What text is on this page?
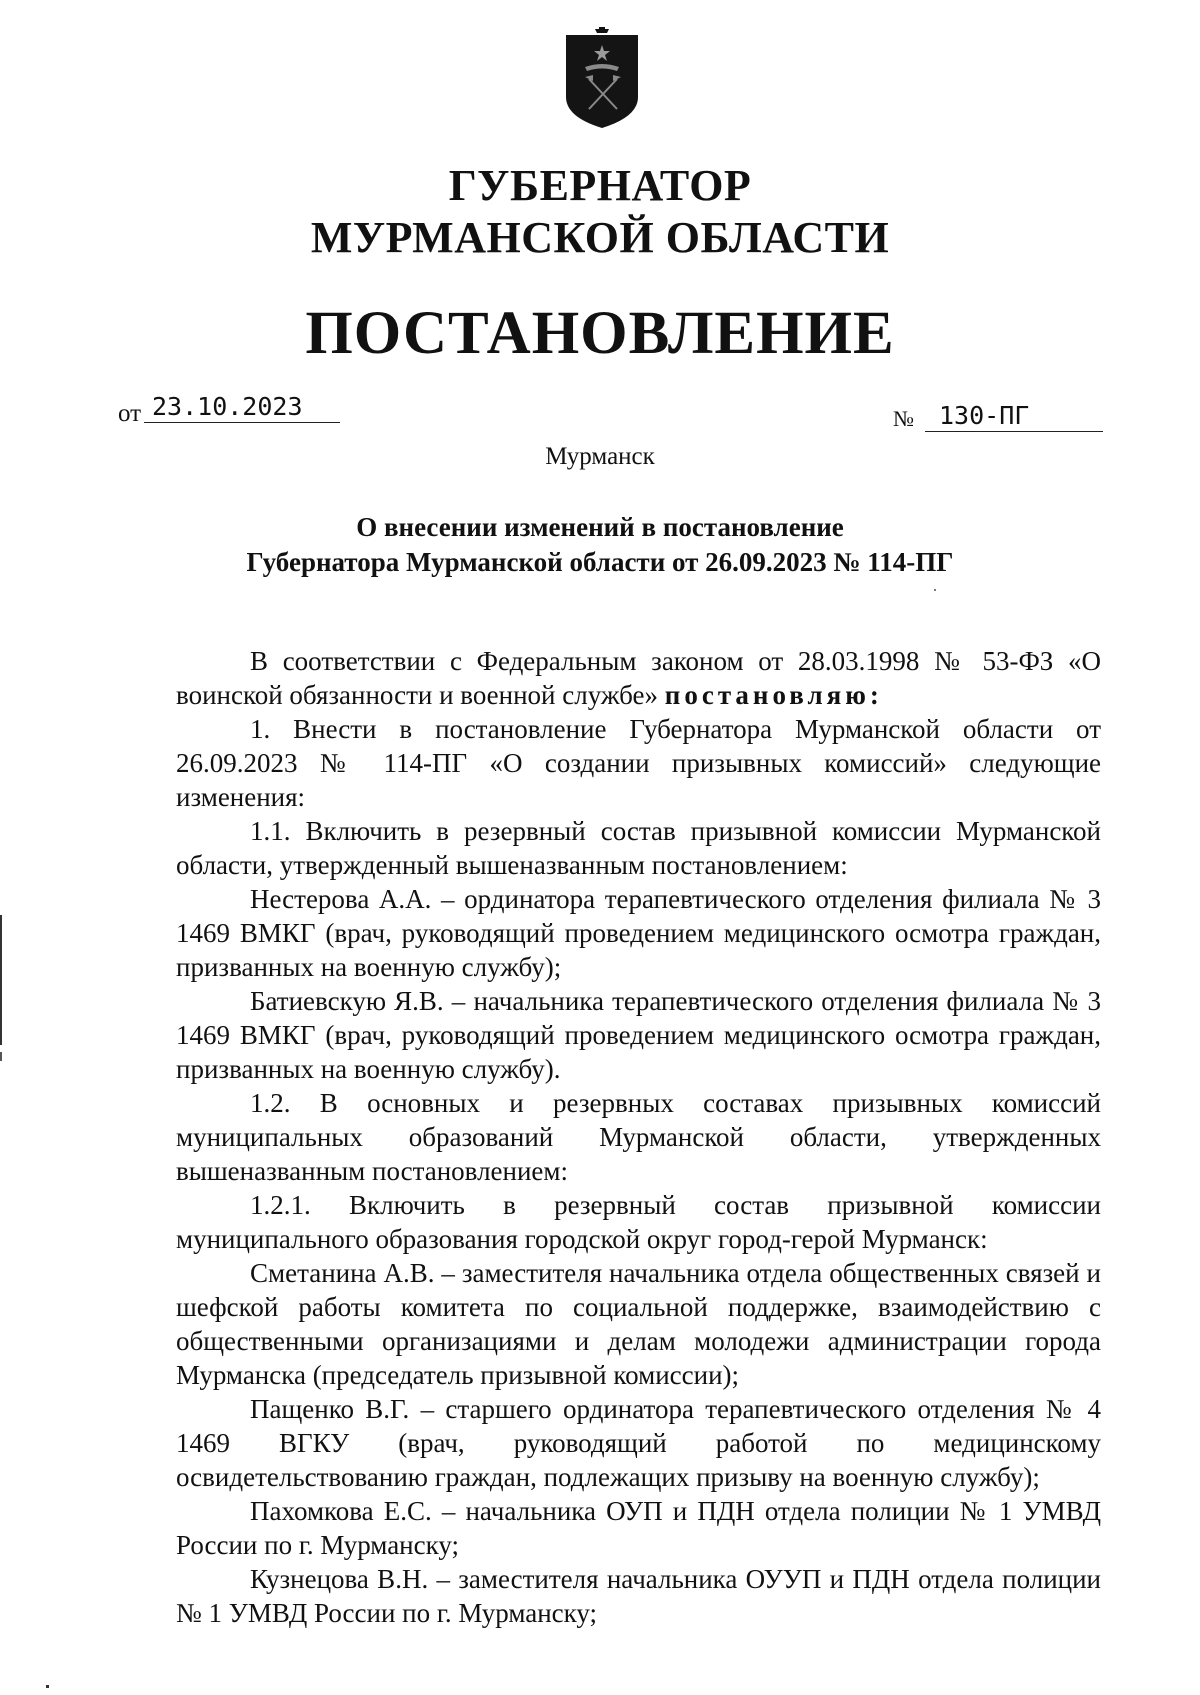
ГУБЕРНАТОР
МУРМАНСКОЙ ОБЛАСТИ
ПОСТАНОВЛЕНИЕ
от 23.10.2023	№	130-ПГ
Мурманск
О внесении изменений в постановление
Губернатора Мурманской области от 26.09.2023 № 114-ПГ

В соответствии с Федеральным законом от 28.03.1998 № 53-ФЗ «О воинской обязанности и военной службе» постановляю:

1. Внести в постановление Губернатора Мурманской области от 26.09.2023 № 114-ПГ «О создании призывных комиссий» следующие изменения:

1.1. Включить в резервный состав призывной комиссии Мурманской области, утвержденный вышеназванным постановлением:

Нестерова А.А. – ординатора терапевтического отделения филиала № 3 1469 ВМКГ (врач, руководящий проведением медицинского осмотра граждан, призванных на военную службу);

Батиевскую Я.В. – начальника терапевтического отделения филиала № 3 1469 ВМКГ (врач, руководящий проведением медицинского осмотра граждан, призванных на военную службу).

1.2. В основных и резервных составах призывных комиссий муниципальных образований Мурманской области, утвержденных вышеназванным постановлением:

1.2.1. Включить в резервный состав призывной комиссии муниципального образования городской округ город-герой Мурманск:

Сметанина А.В. – заместителя начальника отдела общественных связей и шефской работы комитета по социальной поддержке, взаимодействию с общественными организациями и делам молодежи администрации города Мурманска (председатель призывной комиссии);

Пащенко В.Г. – старшего ординатора терапевтического отделения № 4 1469 ВГКУ (врач, руководящий работой по медицинскому освидетельствованию граждан, подлежащих призыву на военную службу);

Пахомкова Е.С. – начальника ОУП и ПДН отдела полиции № 1 УМВД России по г. Мурманску;

Кузнецова В.Н. – заместителя начальника ОУУП и ПДН отдела полиции № 1 УМВД России по г. Мурманску;
